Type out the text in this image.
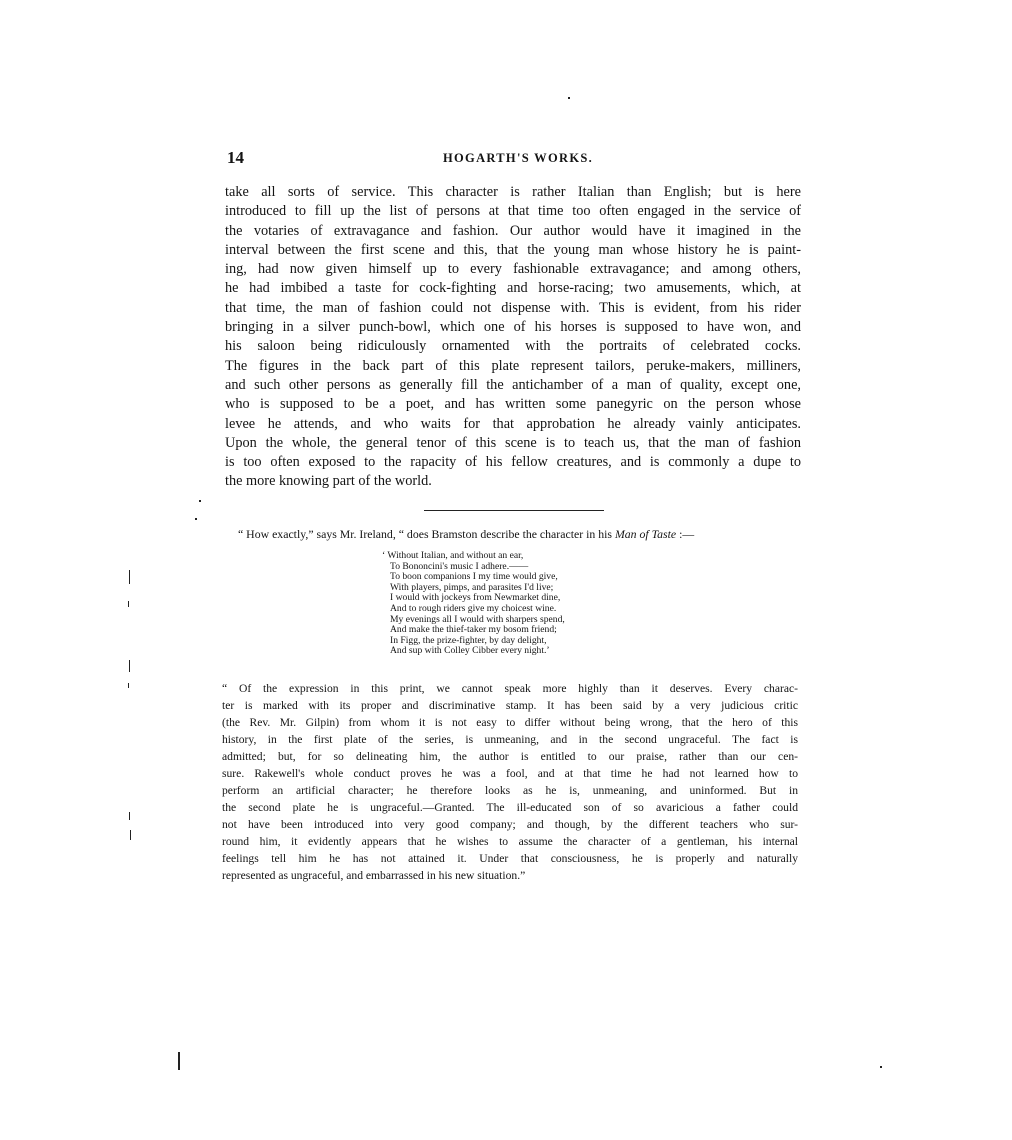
14	HOGARTH'S WORKS.

take all sorts of service. This character is rather Italian than English; but is here
introduced to fill up the list of persons at that time too often engaged in the service of
the votaries of extravagance and fashion. Our author would have it imagined in the
interval between the first scene and this, that the young man whose history he is paint-
ing, had now given himself up to every fashionable extravagance; and among others,
he had imbibed a taste for cock-fighting and horse-racing; two amusements, which, at
that time, the man of fashion could not dispense with. This is evident, from his rider
bringing in a silver punch-bowl, which one of his horses is supposed to have won, and
his saloon being ridiculously ornamented with the portraits of celebrated cocks.
The figures in the back part of this plate represent tailors, peruke-makers, milliners,
and such other persons as generally fill the antichamber of a man of quality, except one,
who is supposed to be a poet, and has written some panegyric on the person whose
levee he attends, and who waits for that approbation he already vainly anticipates.
Upon the whole, the general tenor of this scene is to teach us, that the man of fashion
is too often exposed to the rapacity of his fellow creatures, and is commonly a dupe to
the more knowing part of the world.

“ How exactly,” says Mr. Ireland, “ does Bramston describe the character in his Man of Taste :—

‘ Without Italian, and without an ear,
To Bononcini's music I adhere.——
To boon companions I my time would give,
With players, pimps, and parasites I'd live;
I would with jockeys from Newmarket dine,
And to rough riders give my choicest wine.
My evenings all I would with sharpers spend,
And make the thief-taker my bosom friend;
In Figg, the prize-fighter, by day delight,
And sup with Colley Cibber every night.’

“ Of the expression in this print, we cannot speak more highly than it deserves. Every charac-
ter is marked with its proper and discriminative stamp. It has been said by a very judicious critic
(the Rev. Mr. Gilpin) from whom it is not easy to differ without being wrong, that the hero of this
history, in the first plate of the series, is unmeaning, and in the second ungraceful. The fact is
admitted; but, for so delineating him, the author is entitled to our praise, rather than our cen-
sure. Rakewell's whole conduct proves he was a fool, and at that time he had not learned how to
perform an artificial character; he therefore looks as he is, unmeaning, and uninformed. But in
the second plate he is ungraceful.—Granted. The ill-educated son of so avaricious a father could
not have been introduced into very good company; and though, by the different teachers who sur-
round him, it evidently appears that he wishes to assume the character of a gentleman, his internal
feelings tell him he has not attained it. Under that consciousness, he is properly and naturally
represented as ungraceful, and embarrassed in his new situation.”
